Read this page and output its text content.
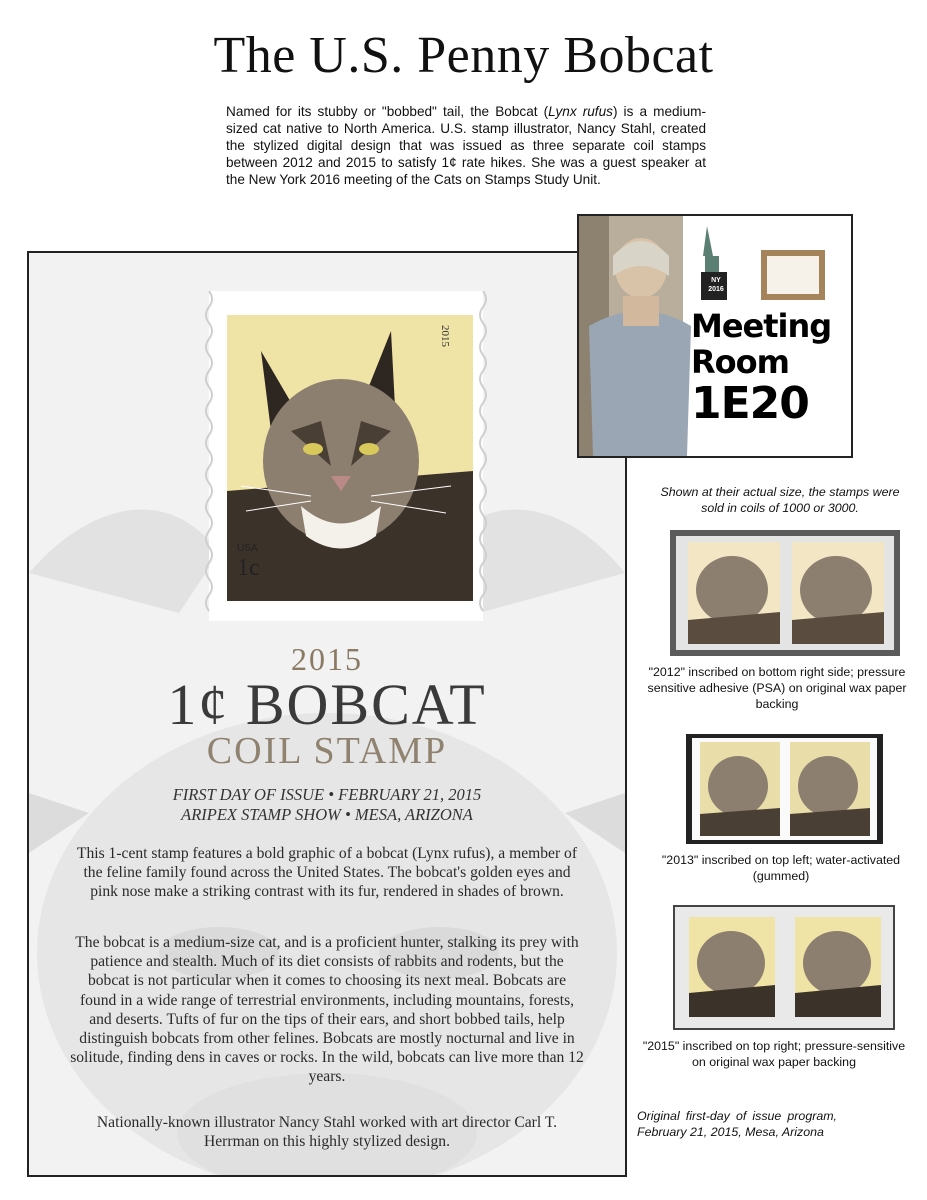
The U.S. Penny Bobcat
Named for its stubby or "bobbed" tail, the Bobcat (Lynx rufus) is a medium-sized cat native to North America. U.S. stamp illustrator, Nancy Stahl, created the stylized digital design that was issued as three separate coil stamps between 2012 and 2015 to satisfy 1¢ rate hikes. She was a guest speaker at the New York 2016 meeting of the Cats on Stamps Study Unit.
2015
USA
1c
2015
1¢ BOBCAT
COIL STAMP
FIRST DAY OF ISSUE • FEBRUARY 21, 2015
ARIPEX STAMP SHOW • MESA, ARIZONA
This 1-cent stamp features a bold graphic of a bobcat (Lynx rufus), a member of the feline family found across the United States. The bobcat's golden eyes and pink nose make a striking contrast with its fur, rendered in shades of brown.
The bobcat is a medium-size cat, and is a proficient hunter, stalking its prey with patience and stealth. Much of its diet consists of rabbits and rodents, but the bobcat is not particular when it comes to choosing its next meal. Bobcats are found in a wide range of terrestrial environments, including mountains, forests, and deserts. Tufts of fur on the tips of their ears, and short bobbed tails, help distinguish bobcats from other felines. Bobcats are mostly nocturnal and live in solitude, finding dens in caves or rocks. In the wild, bobcats can live more than 12 years.
Nationally-known illustrator Nancy Stahl worked with art director Carl T. Herrman on this highly stylized design.
NY 2016
Meeting
Room
1E20
Shown at their actual size, the stamps were sold in coils of 1000 or 3000.
"2012" inscribed on bottom right side; pressure sensitive adhesive (PSA) on original wax paper backing
"2013" inscribed on top left; water-activated (gummed)
"2015" inscribed on top right; pressure-sensitive on original wax paper backing
Original first-day of issue program, February 21, 2015, Mesa, Arizona
